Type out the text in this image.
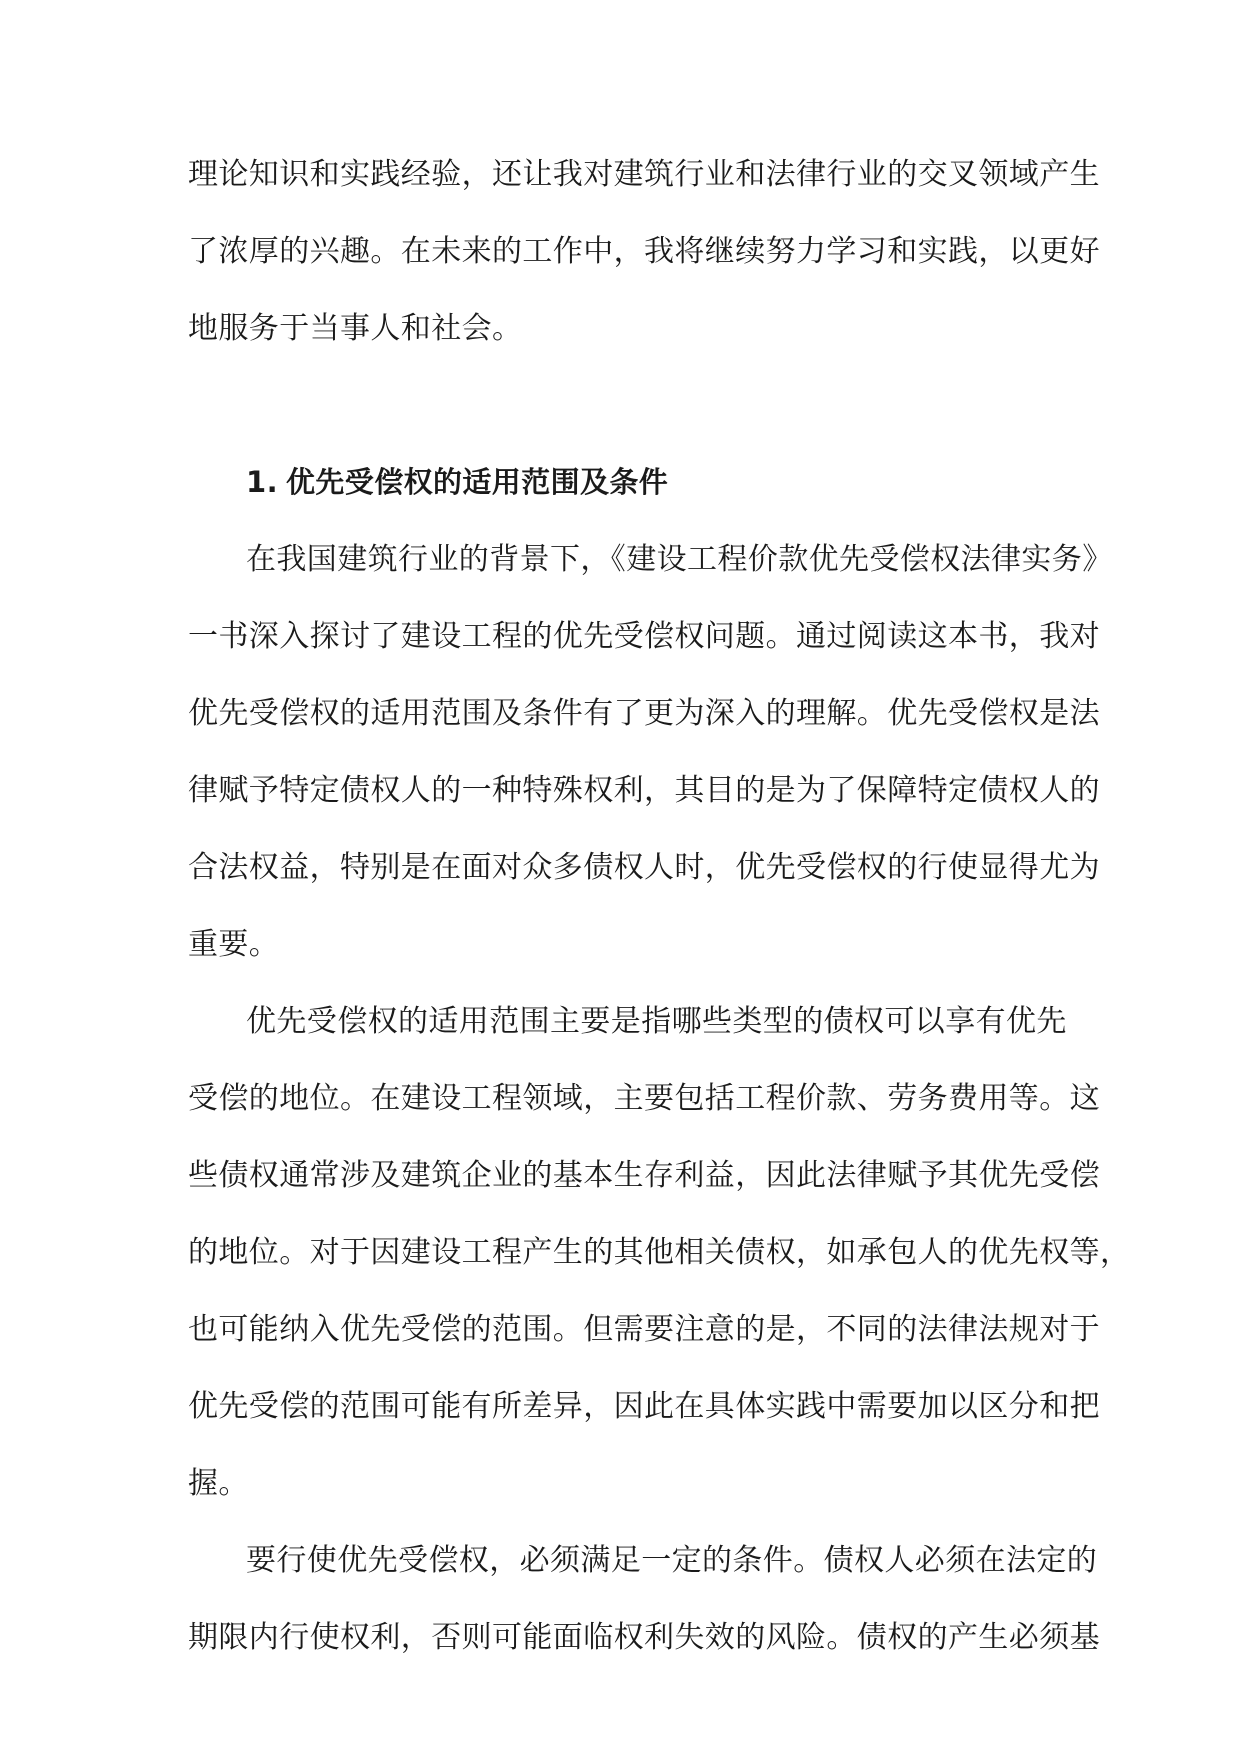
理论知识和实践经验，还让我对建筑行业和法律行业的交叉领域产生
了浓厚的兴趣。在未来的工作中，我将继续努力学习和实践，以更好
地服务于当事人和社会。
1. 优先受偿权的适用范围及条件
在我国建筑行业的背景下，《建设工程价款优先受偿权法律实务》
一书深入探讨了建设工程的优先受偿权问题。通过阅读这本书，我对
优先受偿权的适用范围及条件有了更为深入的理解。优先受偿权是法
律赋予特定债权人的一种特殊权利，其目的是为了保障特定债权人的
合法权益，特别是在面对众多债权人时，优先受偿权的行使显得尤为
重要。
优先受偿权的适用范围主要是指哪些类型的债权可以享有优先
受偿的地位。在建设工程领域，主要包括工程价款、劳务费用等。这
些债权通常涉及建筑企业的基本生存利益，因此法律赋予其优先受偿
的地位。对于因建设工程产生的其他相关债权，如承包人的优先权等，
也可能纳入优先受偿的范围。但需要注意的是，不同的法律法规对于
优先受偿的范围可能有所差异，因此在具体实践中需要加以区分和把
握。
要行使优先受偿权，必须满足一定的条件。债权人必须在法定的
期限内行使权利，否则可能面临权利失效的风险。债权的产生必须基
